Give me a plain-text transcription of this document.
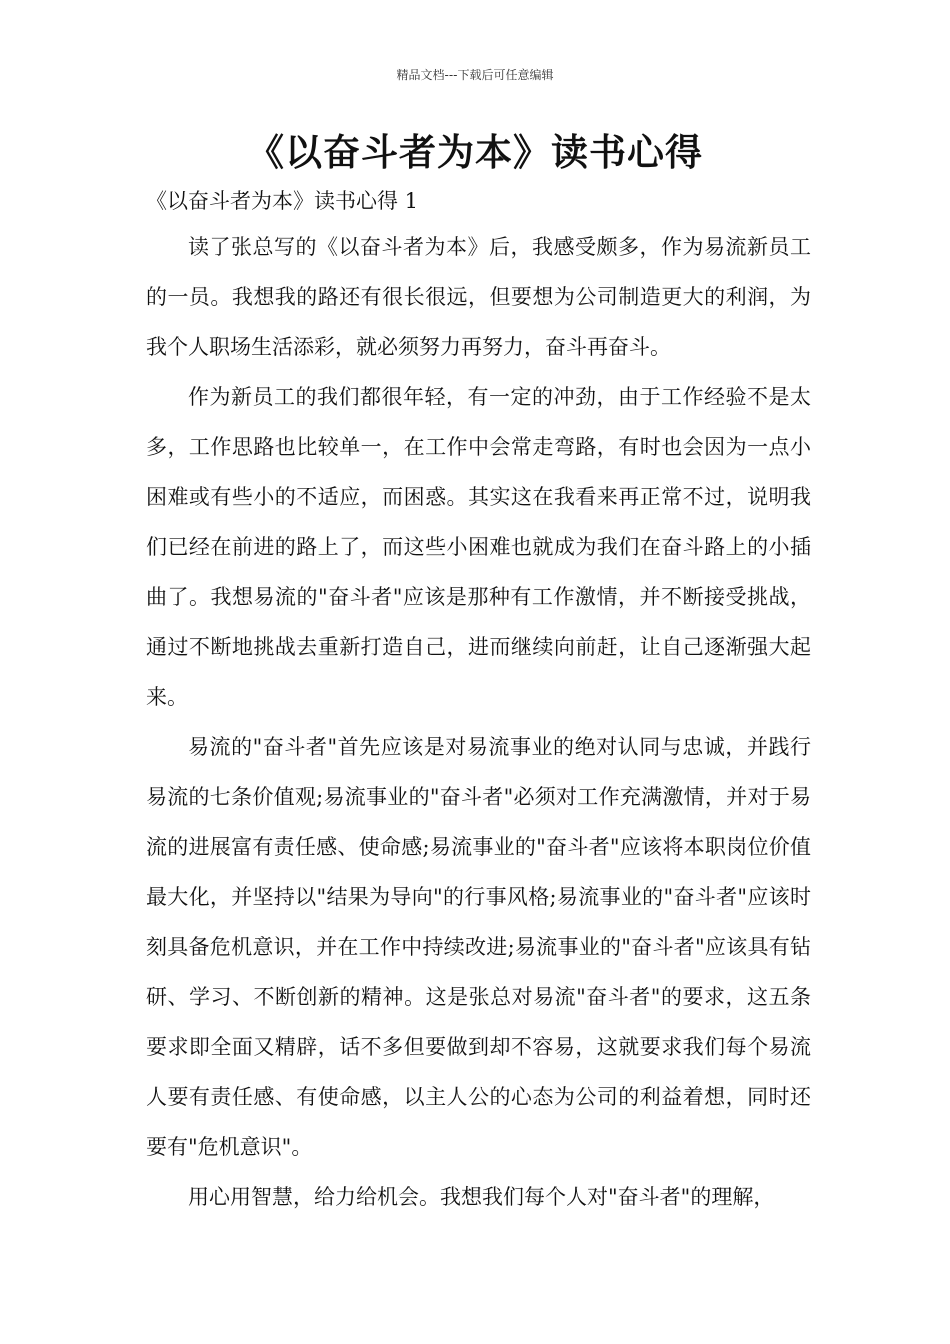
精品文档---下载后可任意编辑
《以奋斗者为本》读书心得
《以奋斗者为本》读书心得 1

读了张总写的《以奋斗者为本》后，我感受颇多，作为易流新员工的一员。我想我的路还有很长很远，但要想为公司制造更大的利润，为我个人职场生活添彩，就必须努力再努力，奋斗再奋斗。

作为新员工的我们都很年轻，有一定的冲劲，由于工作经验不是太多，工作思路也比较单一，在工作中会常走弯路，有时也会因为一点小困难或有些小的不适应，而困惑。其实这在我看来再正常不过，说明我们已经在前进的路上了，而这些小困难也就成为我们在奋斗路上的小插曲了。我想易流的"奋斗者"应该是那种有工作激情，并不断接受挑战，通过不断地挑战去重新打造自己，进而继续向前赶，让自己逐渐强大起来。

易流的"奋斗者"首先应该是对易流事业的绝对认同与忠诚，并践行易流的七条价值观;易流事业的"奋斗者"必须对工作充满激情，并对于易流的进展富有责任感、使命感;易流事业的"奋斗者"应该将本职岗位价值最大化，并坚持以"结果为导向"的行事风格;易流事业的"奋斗者"应该时刻具备危机意识，并在工作中持续改进;易流事业的"奋斗者"应该具有钻研、学习、不断创新的精神。这是张总对易流"奋斗者"的要求，这五条要求即全面又精辟，话不多但要做到却不容易，这就要求我们每个易流人要有责任感、有使命感，以主人公的心态为公司的利益着想，同时还要有"危机意识"。

用心用智慧，给力给机会。我想我们每个人对"奋斗者"的理解，
